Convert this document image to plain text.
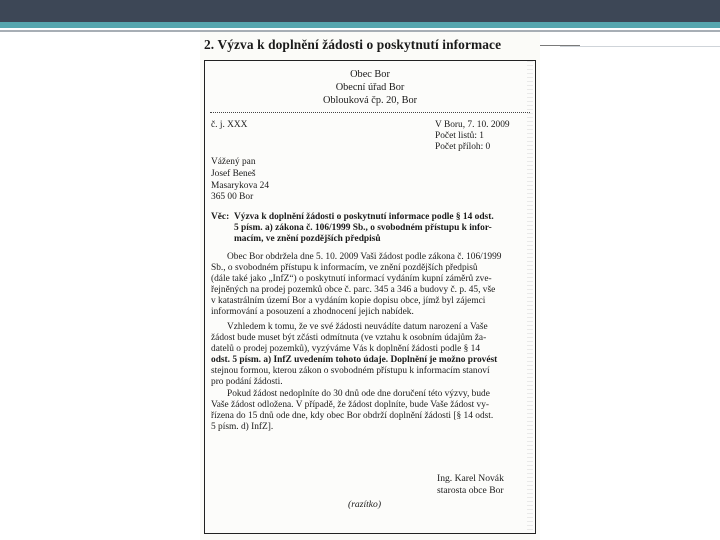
2. Výzva k doplnění žádosti o poskytnutí informace
Obec Bor
Obecní úřad Bor
Oblouková čp. 20, Bor
č. j. XXX	V Boru, 7. 10. 2009
Počet listů: 1
Počet příloh: 0
Vážený pan
Josef Beneš
Masarykova 24
365 00 Bor
Věc: Výzva k doplnění žádosti o poskytnutí informace podle § 14 odst.
5 písm. a) zákona č. 106/1999 Sb., o svobodném přístupu k infor-
macím, ve znění pozdějších předpisů
Obec Bor obdržela dne 5. 10. 2009 Vaši žádost podle zákona č. 106/1999
Sb., o svobodném přístupu k informacím, ve znění pozdějších předpisů
(dále také jako „InfZ“) o poskytnutí informací vydáním kupní záměrů zve-
řejněných na prodej pozemků obce č. parc. 345 a 346 a budovy č. p. 45, vše
v katastrálním území Bor a vydáním kopie dopisu obce, jímž byl zájemci
informování a posouzení a zhodnocení jejich nabídek.
Vzhledem k tomu, že ve své žádosti neuvádíte datum narození a Vaše
žádost bude muset být zčásti odmítnuta (ve vztahu k osobním údajům ža-
datelů o prodej pozemků), vyzýváme Vás k doplnění žádosti podle § 14
odst. 5 písm. a) InfZ uvedením tohoto údaje. Doplnění je možno provést
stejnou formou, kterou zákon o svobodném přístupu k informacím stanoví
pro podání žádosti.
Pokud žádost nedoplníte do 30 dnů ode dne doručení této výzvy, bude
Vaše žádost odložena. V případě, že žádost doplníte, bude Vaše žádost vy-
řízena do 15 dnů ode dne, kdy obec Bor obdrží doplnění žádosti [§ 14 odst.
5 písm. d) InfZ].
Ing. Karel Novák
starosta obce Bor
(razítko)
